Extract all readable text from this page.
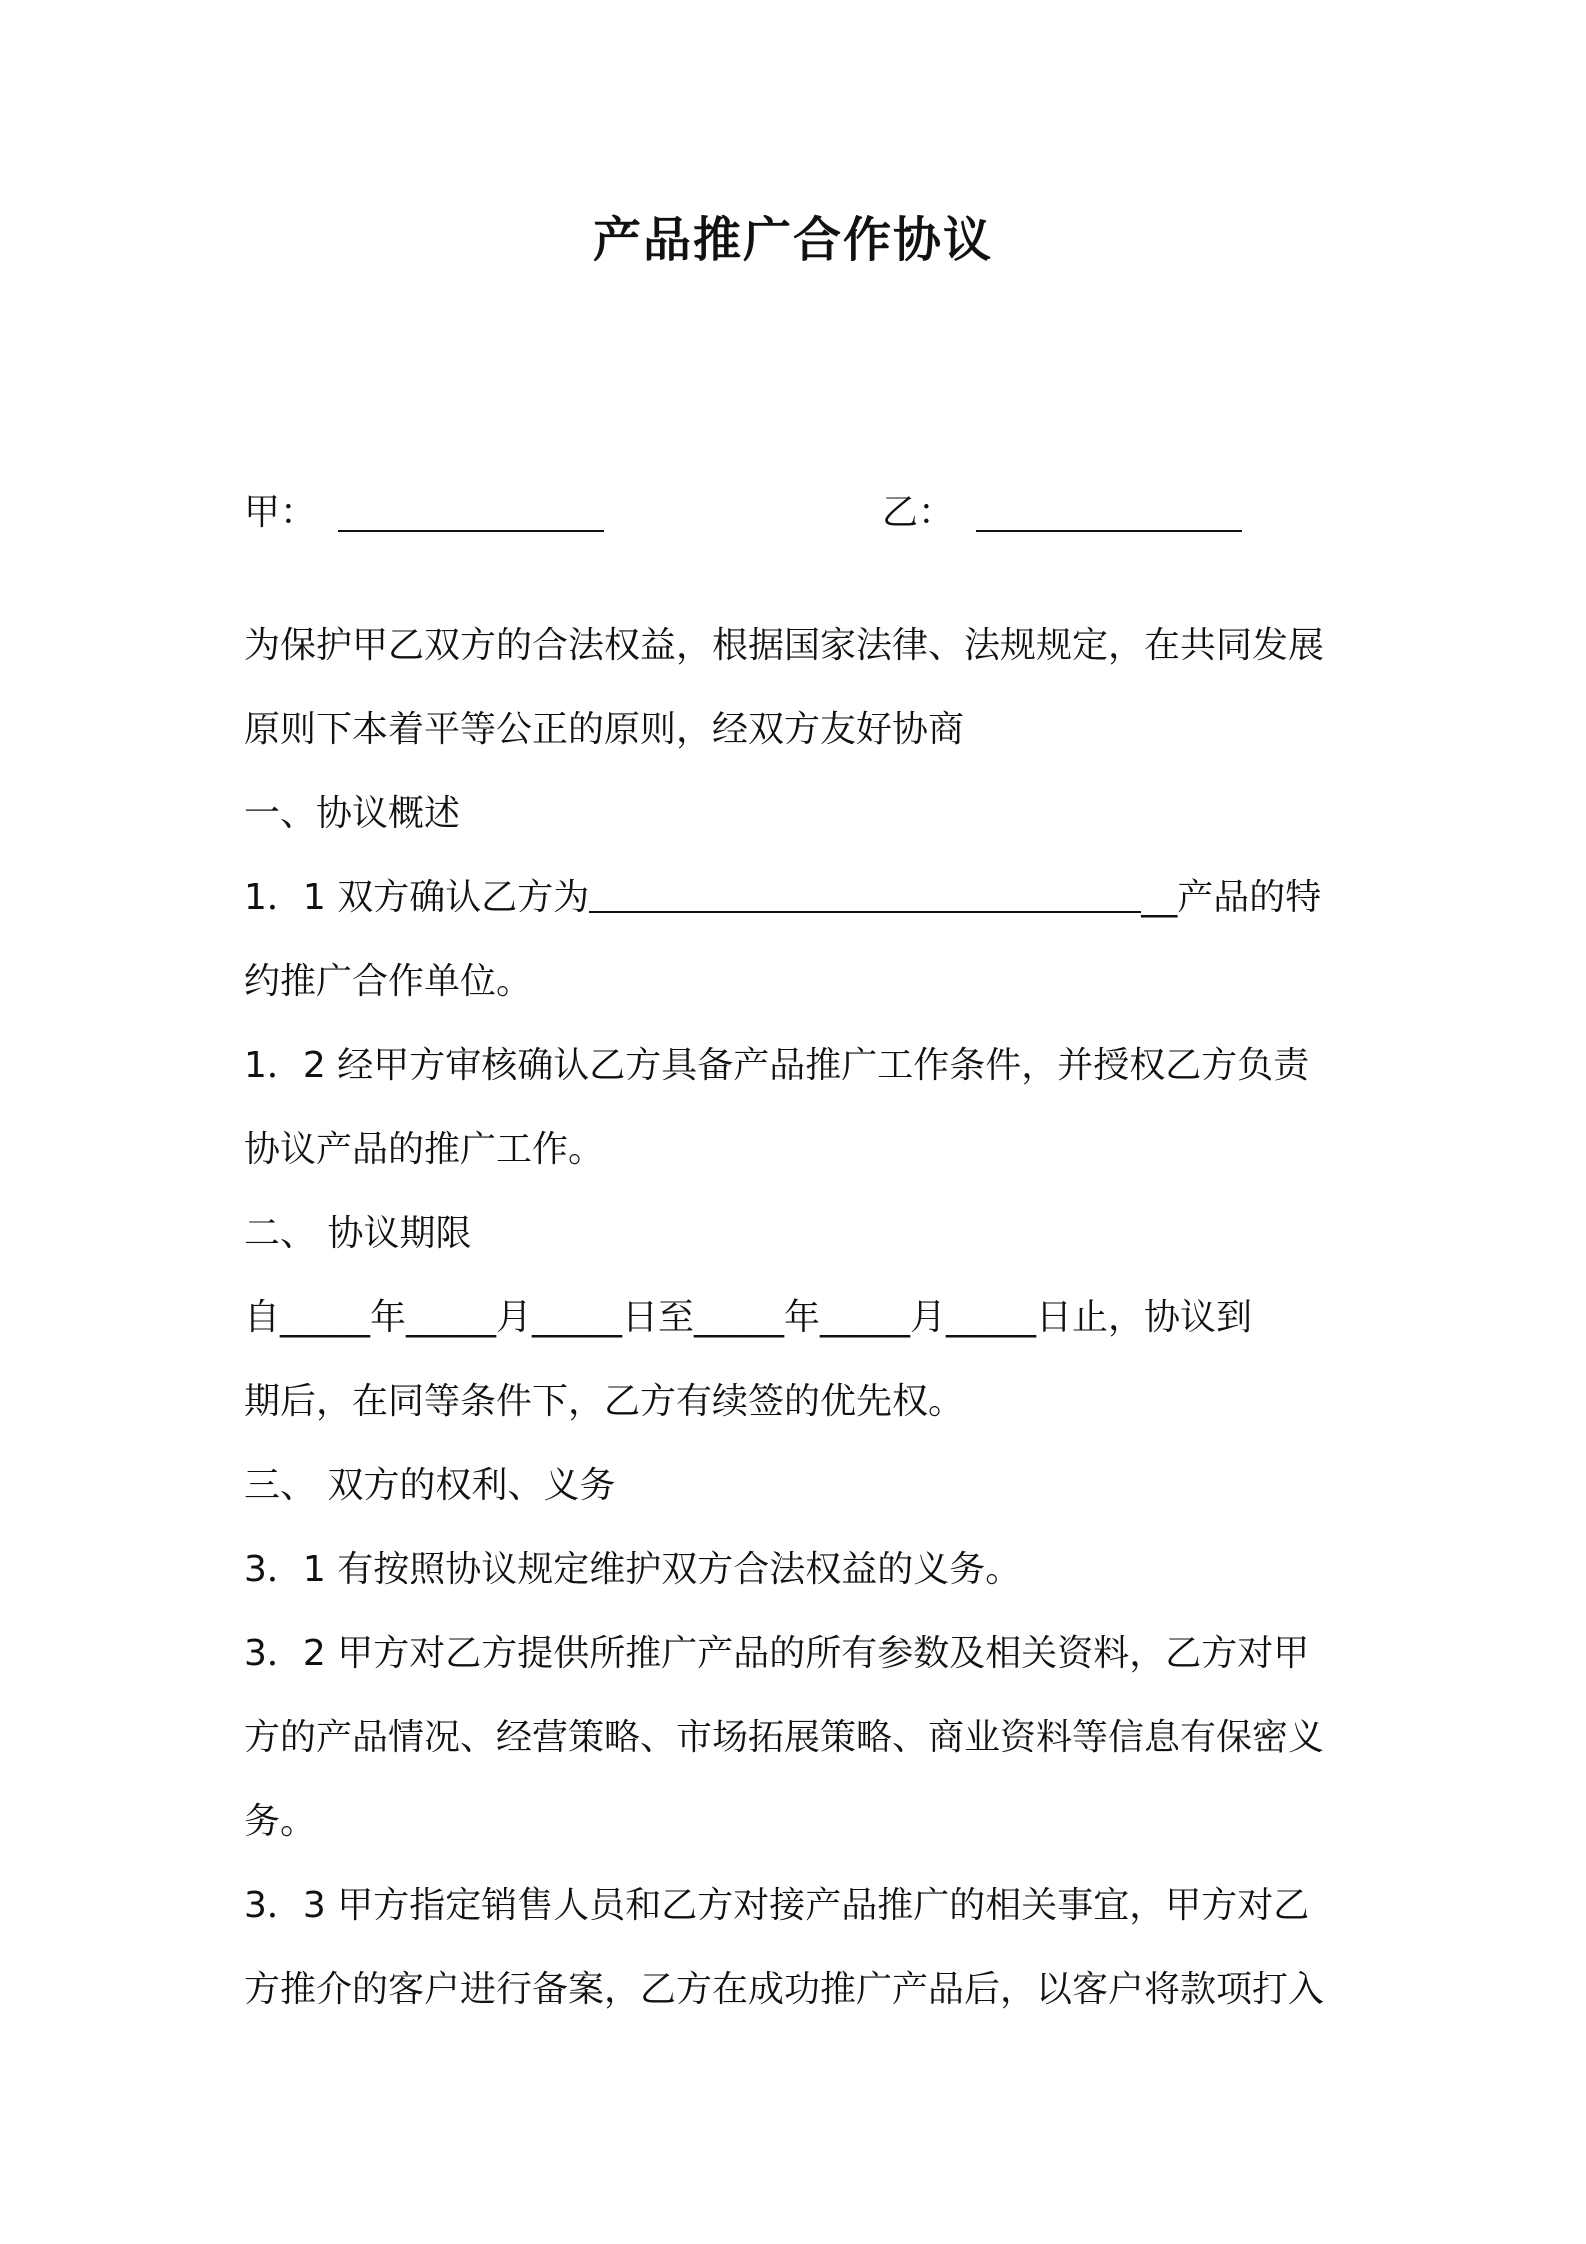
产品推广合作协议
甲：	乙：

为保护甲乙双方的合法权益，根据国家法律、法规规定，在共同发展

原则下本着平等公正的原则，经双方友好协商

一、协议概述

1．1 双方确认乙方为	__产品的特

约推广合作单位。

1．2 经甲方审核确认乙方具备产品推广工作条件，并授权乙方负责

协议产品的推广工作。

二、 协议期限

自_____年_____月_____日至_____年_____月_____日止，协议到

期后，在同等条件下，乙方有续签的优先权。

三、 双方的权利、义务

3．1 有按照协议规定维护双方合法权益的义务。

3．2 甲方对乙方提供所推广产品的所有参数及相关资料，乙方对甲

方的产品情况、经营策略、市场拓展策略、商业资料等信息有保密义

务。

3．3 甲方指定销售人员和乙方对接产品推广的相关事宜，甲方对乙

方推介的客户进行备案，乙方在成功推广产品后，以客户将款项打入
